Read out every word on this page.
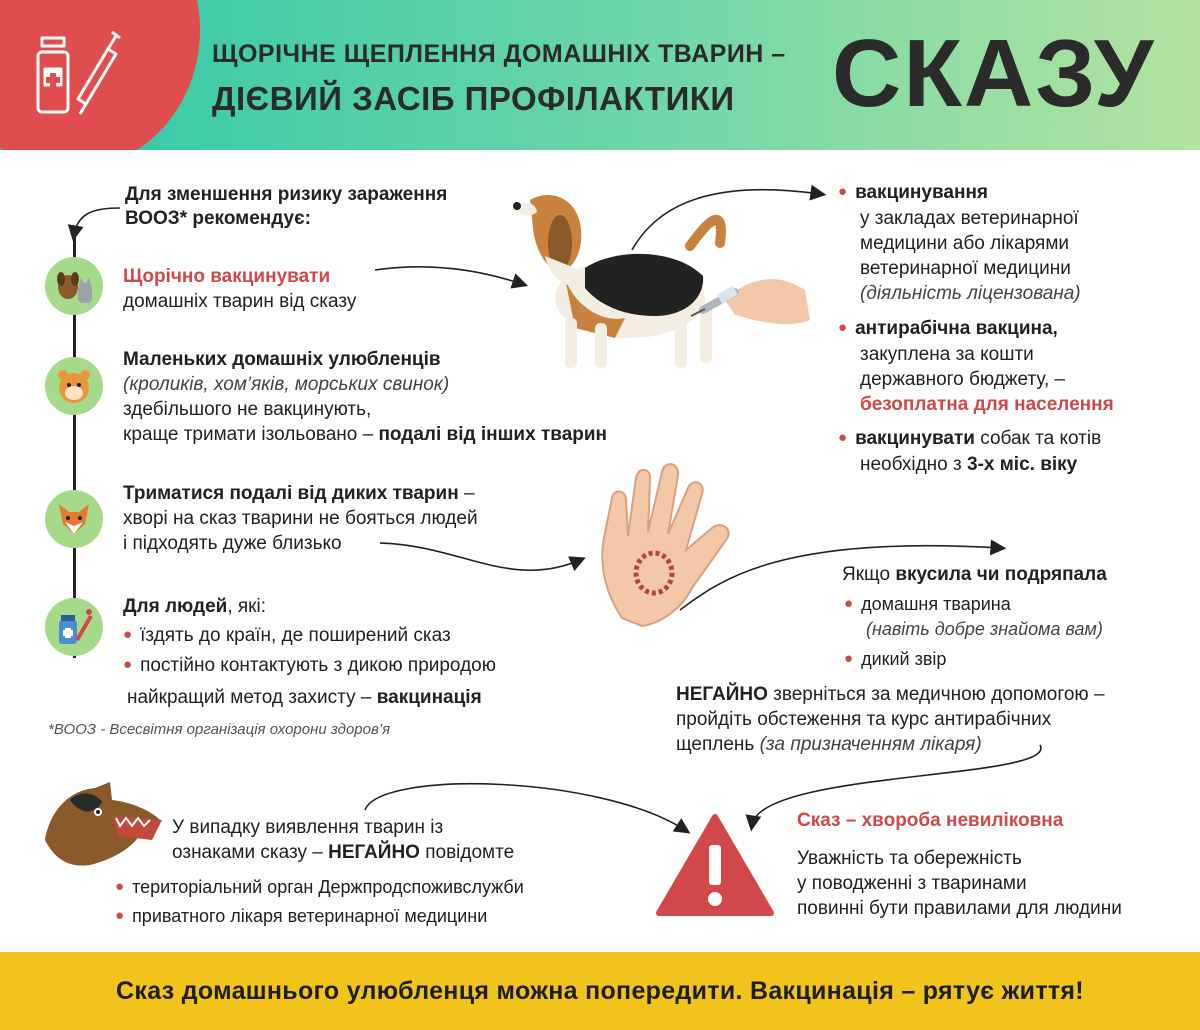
ЩОРІЧНЕ ЩЕПЛЕННЯ ДОМАШНІХ ТВАРИН –
ДІЄВИЙ ЗАСІБ ПРОФІЛАКТИКИ СКАЗУ
Для зменшення ризику зараження
ВООЗ* рекомендує:
Щорічно вакцинувати
домашніх тварин від сказу
Маленьких домашніх улюбленців
(кроликів, хом’яків, морських свинок)
здебільшого не вакцинують,
краще тримати ізольовано – подалі від інших тварин
Триматися подалі від диких тварин –
хворі на сказ тварини не бояться людей
і підходять дуже близько
Для людей, які:
● їздять до країн, де поширений сказ
● постійно контактують з дикою природою
найкращий метод захисту – вакцинація
*ВООЗ - Всесвітня організація охорони здоров’я
● вакцинування
у закладах ветеринарної
медицини або лікарями
ветеринарної медицини
(діяльність ліцензована)
● антирабічна вакцина,
закуплена за кошти
державного бюджету, –
безоплатна для населення
● вакцинувати собак та котів
необхідно з 3-х міс. віку
Якщо вкусила чи подряпала
● домашня тварина
(навіть добре знайома вам)
● дикий звір
НЕГАЙНО зверніться за медичною допомогою –
пройдіть обстеження та курс антирабічних
щеплень (за призначенням лікаря)
У випадку виявлення тварин із
ознаками сказу – НЕГАЙНО повідомте
● територіальний орган Держпродспоживслужби
● приватного лікаря ветеринарної медицини
Сказ – хвороба невиліковна
Уважність та обережність
у поводженні з тваринами
повинні бути правилами для людини
Сказ домашнього улюбленця можна попередити. Вакцинація – рятує життя!
